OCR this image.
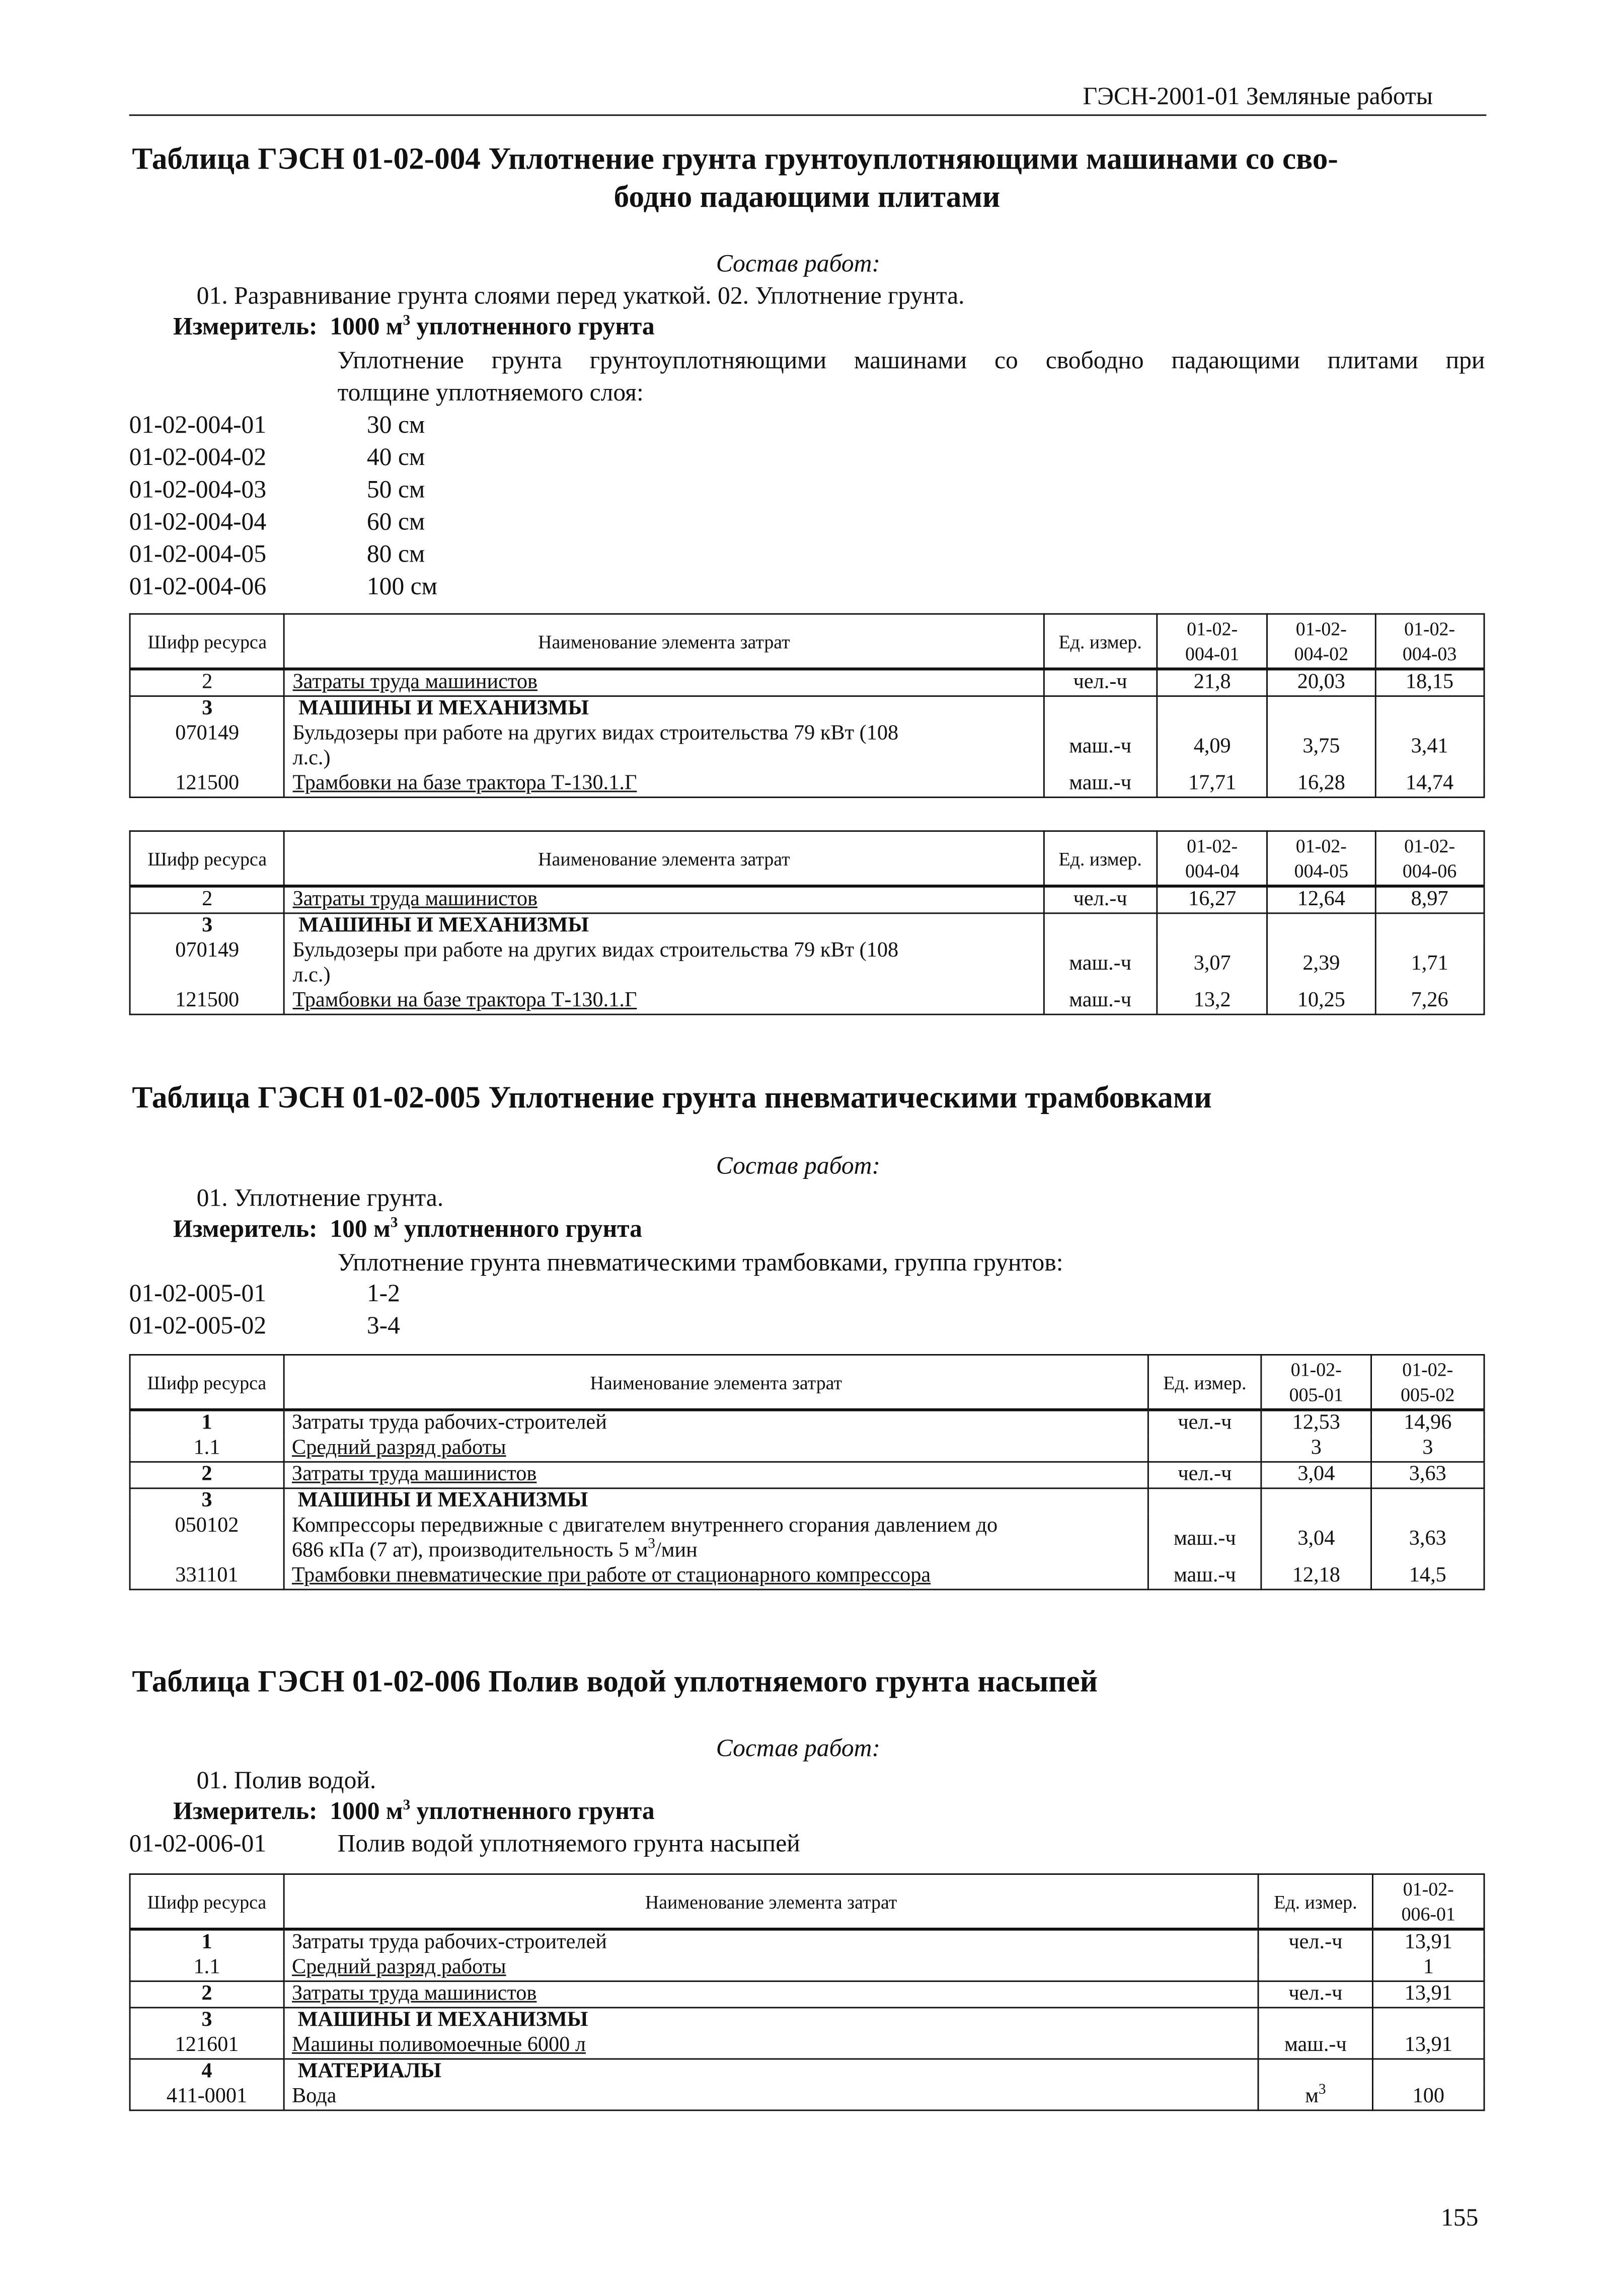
ГЭСН-2001-01 Земляные работы
Таблица ГЭСН 01-02-004 Уплотнение грунта грунтоуплотняющими машинами со сво-
бодно падающими плитами
Состав работ:
01. Разравнивание грунта слоями перед укаткой. 02. Уплотнение грунта.
Измеритель: 1000 $м^3$ уплотненного грунта
Уплотнение грунта грунтоуплотняющими машинами со свободно падающими плитами при
толщине уплотняемого слоя:
01-02-004-01	30 см
01-02-004-02	40 см
01-02-004-03	50 см
01-02-004-04	60 см
01-02-004-05	80 см
01-02-004-06	100 см
Шифр ресурса	Наименование элемента затрат	Ед. измер.	01-02-
004-01	01-02-
004-02	01-02-
004-03
2	Затраты труда машинистов	чел.-ч	21,8	20,03	18,15
3	МАШИНЫ И МЕХАНИЗМЫ				
070149	Бульдозеры при работе на других видах строительства 79 кВт (108
л.с.)	маш.-ч	4,09	3,75	3,41
121500	Трамбовки на базе трактора Т-130.1.Г	маш.-ч	17,71	16,28	14,74
Шифр ресурса	Наименование элемента затрат	Ед. измер.	01-02-
004-04	01-02-
004-05	01-02-
004-06
2	Затраты труда машинистов	чел.-ч	16,27	12,64	8,97
3	МАШИНЫ И МЕХАНИЗМЫ				
070149	Бульдозеры при работе на других видах строительства 79 кВт (108
л.с.)	маш.-ч	3,07	2,39	1,71
121500	Трамбовки на базе трактора Т-130.1.Г	маш.-ч	13,2	10,25	7,26
Таблица ГЭСН 01-02-005 Уплотнение грунта пневматическими трамбовками
Состав работ:
01. Уплотнение грунта.
Измеритель: 100 $м^3$ уплотненного грунта
Уплотнение грунта пневматическими трамбовками, группа грунтов:
01-02-005-01	1-2
01-02-005-02	3-4
Шифр ресурса	Наименование элемента затрат	Ед. измер.	01-02-
005-01	01-02-
005-02
1	Затраты труда рабочих-строителей	чел.-ч	12,53	14,96
1.1	Средний разряд работы		3	3
2	Затраты труда машинистов	чел.-ч	3,04	3,63
3	МАШИНЫ И МЕХАНИЗМЫ			
050102	Компрессоры передвижные с двигателем внутреннего сгорания давлением до
686 кПа (7 ат), производительность 5 $м^3$/мин	маш.-ч	3,04	3,63
331101	Трамбовки пневматические при работе от стационарного компрессора	маш.-ч	12,18	14,5
Таблица ГЭСН 01-02-006 Полив водой уплотняемого грунта насыпей
Состав работ:
01. Полив водой.
Измеритель: 1000 $м^3$ уплотненного грунта
01-02-006-01	Полив водой уплотняемого грунта насыпей
Шифр ресурса	Наименование элемента затрат	Ед. измер.	01-02-
006-01
1	Затраты труда рабочих-строителей	чел.-ч	13,91
1.1	Средний разряд работы		1
2	Затраты труда машинистов	чел.-ч	13,91
3	МАШИНЫ И МЕХАНИЗМЫ		
121601	Машины поливомоечные 6000 л	маш.-ч	13,91
4	МАТЕРИАЛЫ		
411-0001	Вода	$м^3$	100
155
